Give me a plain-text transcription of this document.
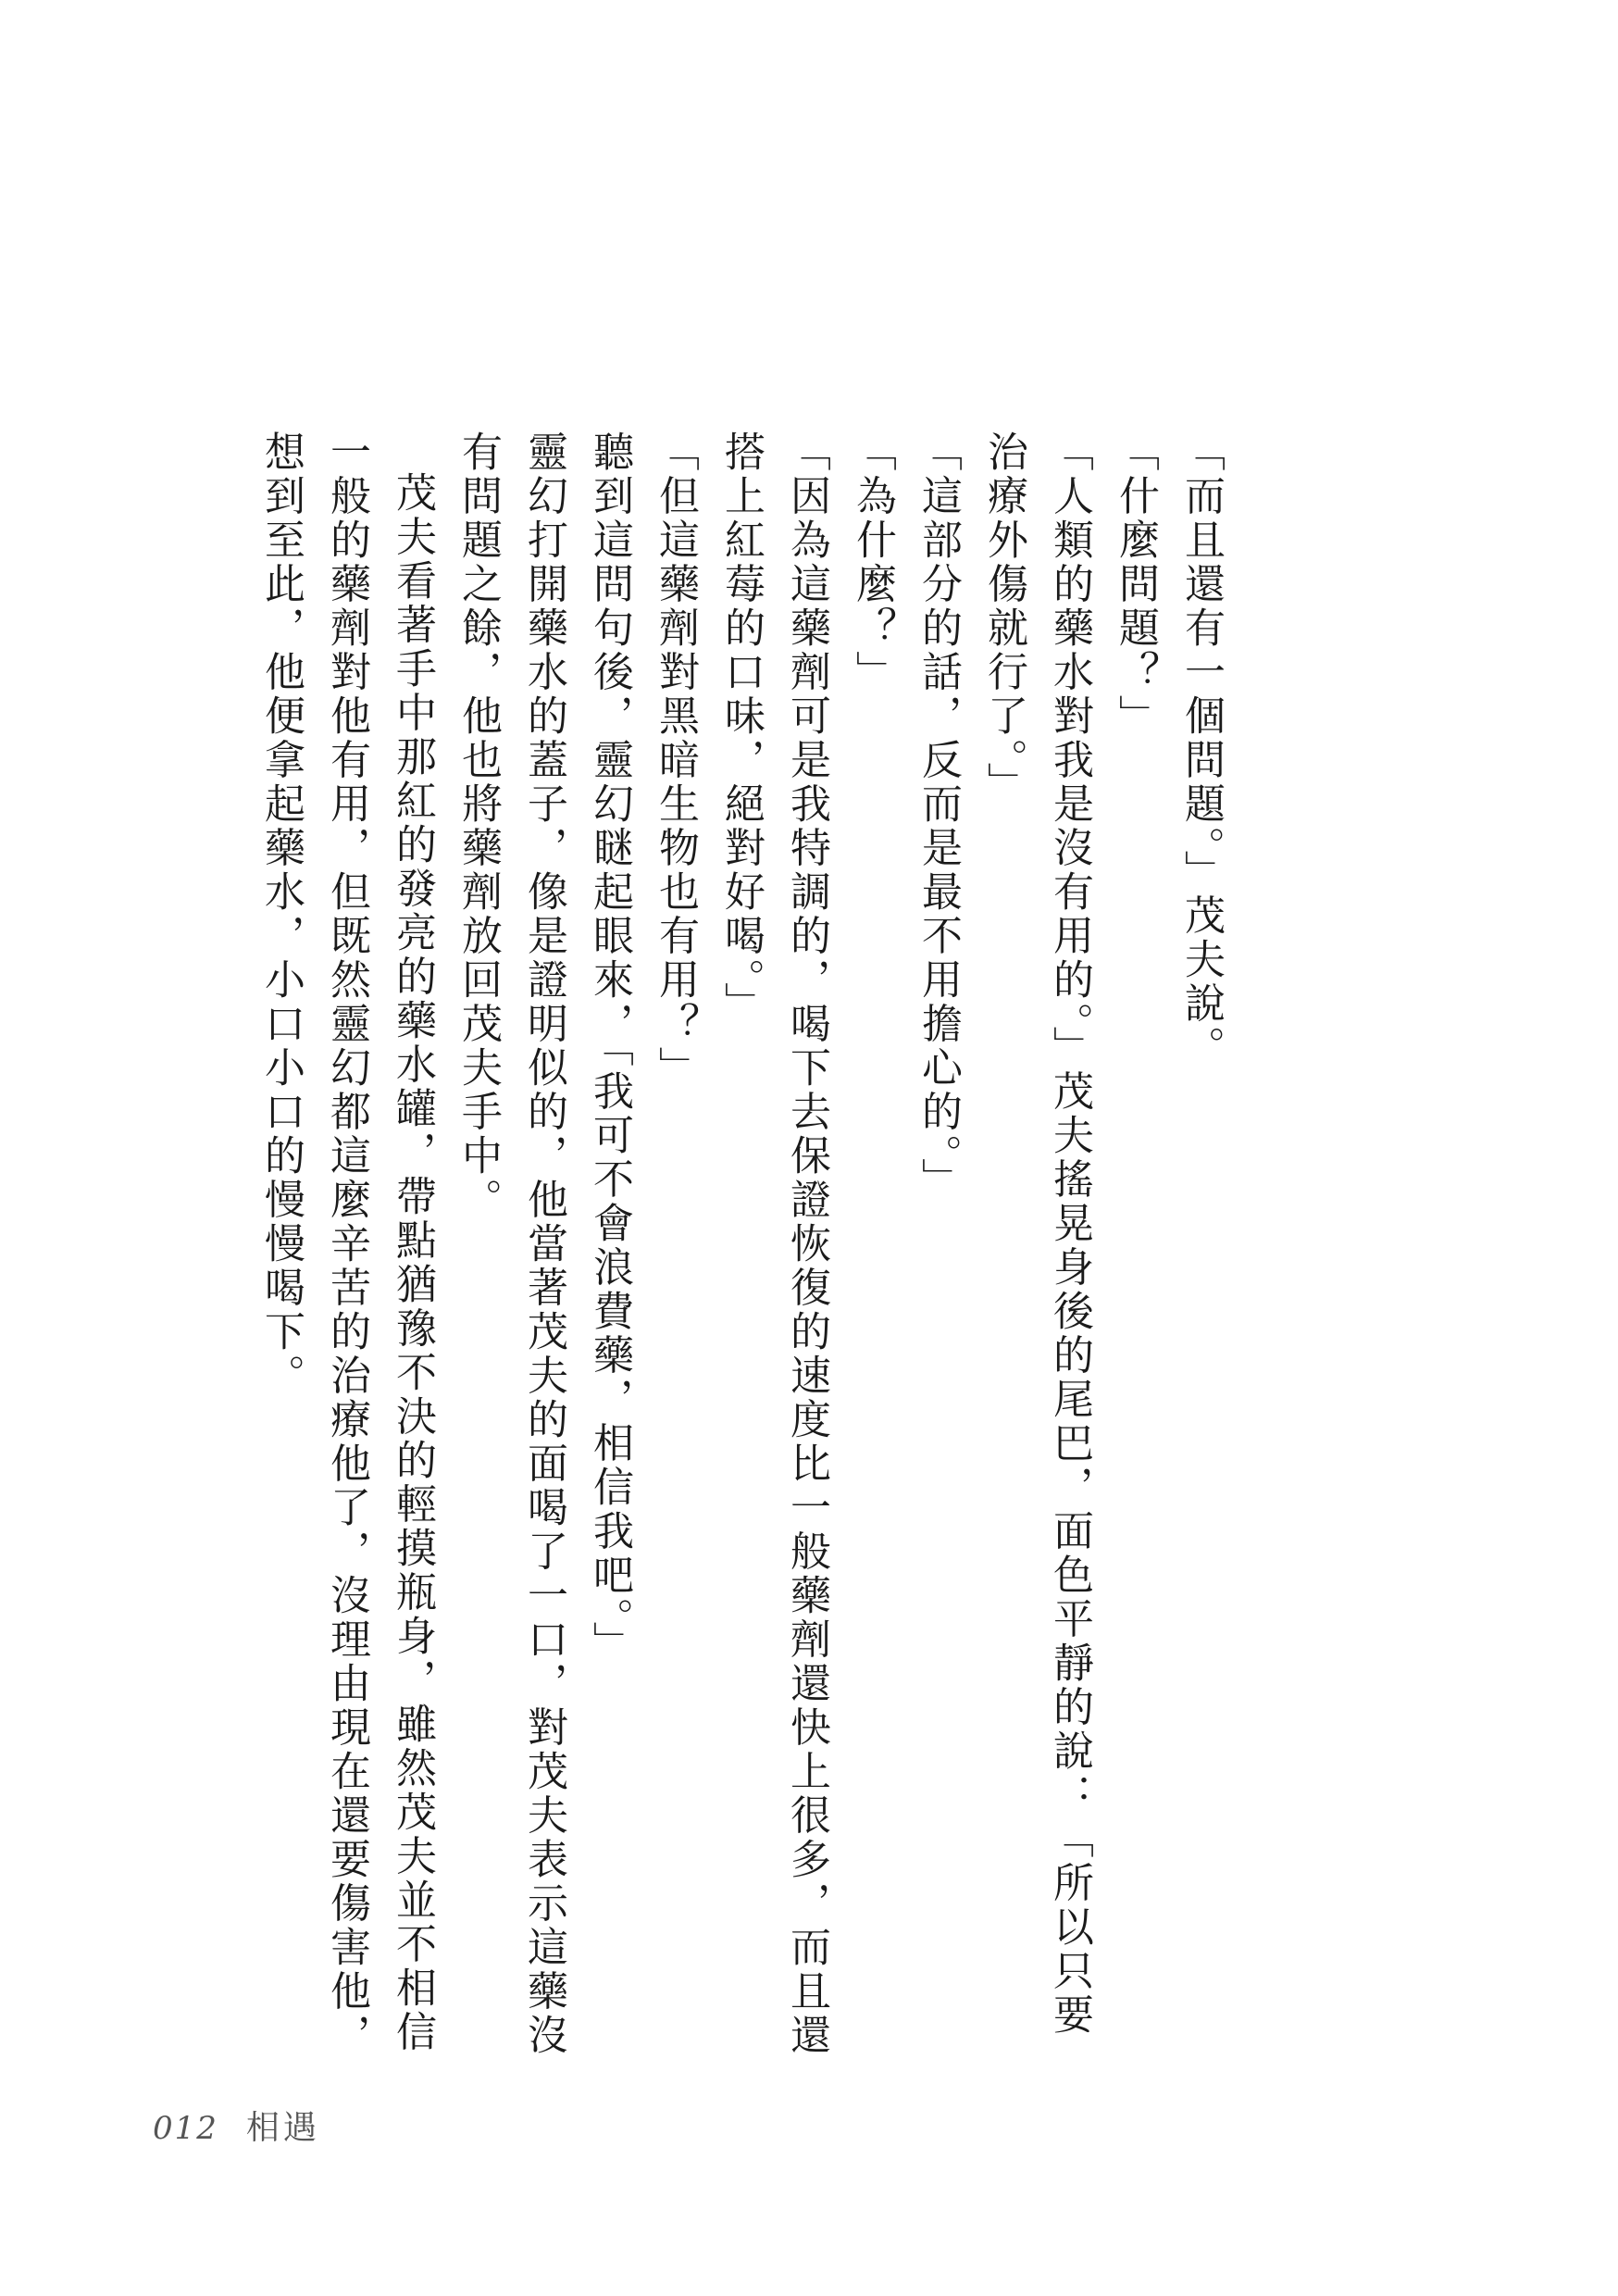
「而且還有一個問題。」茂夫說。

「什麼問題？」

「人類的藥水對我是沒有用的。」茂夫搖晃身後的尾巴，面色平靜的說：「所以只要治療外傷就行了。」

「這部分的話，反而是最不用擔心的。」

「為什麼？」

「因為這藥劑可是我特調的，喝下去保證恢復的速度比一般藥劑還快上很多，而且還搭上紅莓的口味，絕對好喝。」

「但這藥劑對黑暗生物也有用？」

聽到這問句後，靈幻瞇起眼來，「我可不會浪費藥，相信我吧。」

靈幻打開藥水的蓋子，像是證明似的，他當著茂夫的面喝了一口，對茂夫表示這藥沒有問題之餘，他也將藥劑放回茂夫手中。

茂夫看著手中那紅的發亮的藥水罐，帶點猶豫不決的輕摸瓶身，雖然茂夫並不相信一般的藥劑對他有用，但既然靈幻都這麼辛苦的治療他了，沒理由現在還要傷害他，想到至此，他便拿起藥水，小口小口的慢慢喝下。

012 相遇
